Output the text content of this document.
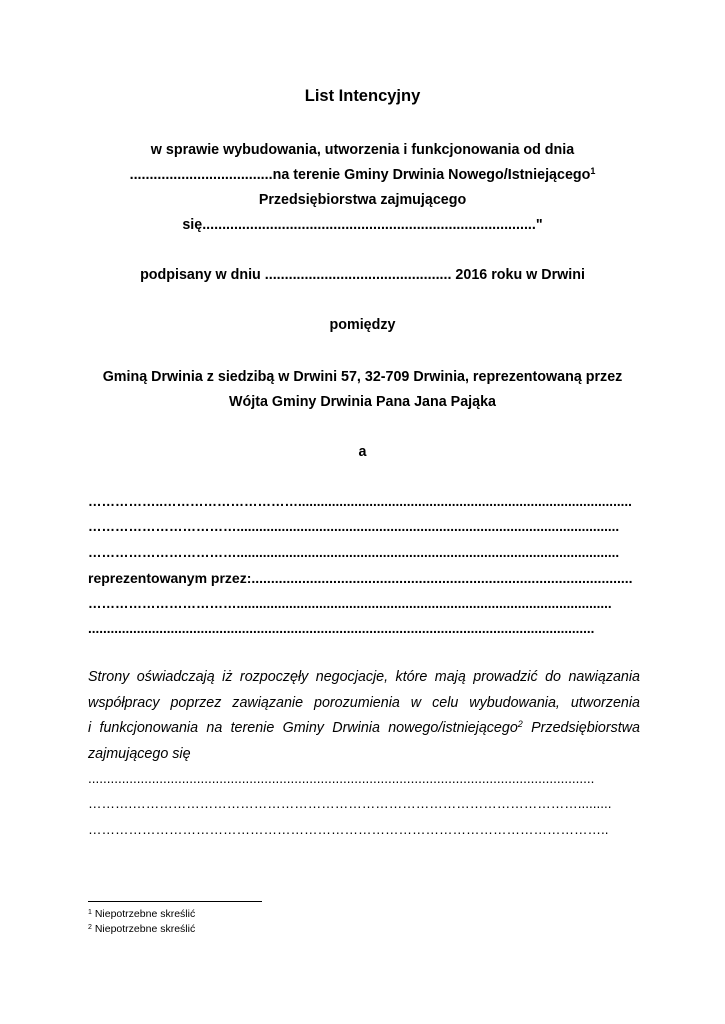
List Intencyjny
w sprawie wybudowania, utworzenia i funkcjonowania od dnia
....................................na terenie Gminy Drwinia Nowego/Istniejącego$^1$
Przedsiębiorstwa zajmującego
się...................................................................................."
podpisany w dniu ............................................... 2016 roku w Drwini
pomiędzy
Gminą Drwinia z siedzibą w Drwini 57, 32-709 Drwinia, reprezentowaną przez
Wójta Gminy Drwinia Pana Jana Pająka
a
……………..………………………….........................................................................................
……………………………......................................................................................................
……………………………......................................................................................................
reprezentowanym przez:..................................................................................................
……………………………....................................................................................................
.......................................................................................................................................
Strony oświadczają iż rozpoczęły negocjacje, które mają prowadzić do nawiązania
współpracy poprzez zawiązanie porozumienia w celu wybudowania, utworzenia
i funkcjonowania na terenie Gminy Drwinia nowego/istniejącego$^2$ Przedsiębiorstwa
zajmującego się
.......................................................................................................................................
……….……………………………………………………………………………………….........
……………………………………………………………………………………………………..
$^1$ Niepotrzebne skreślić
$^2$ Niepotrzebne skreślić
